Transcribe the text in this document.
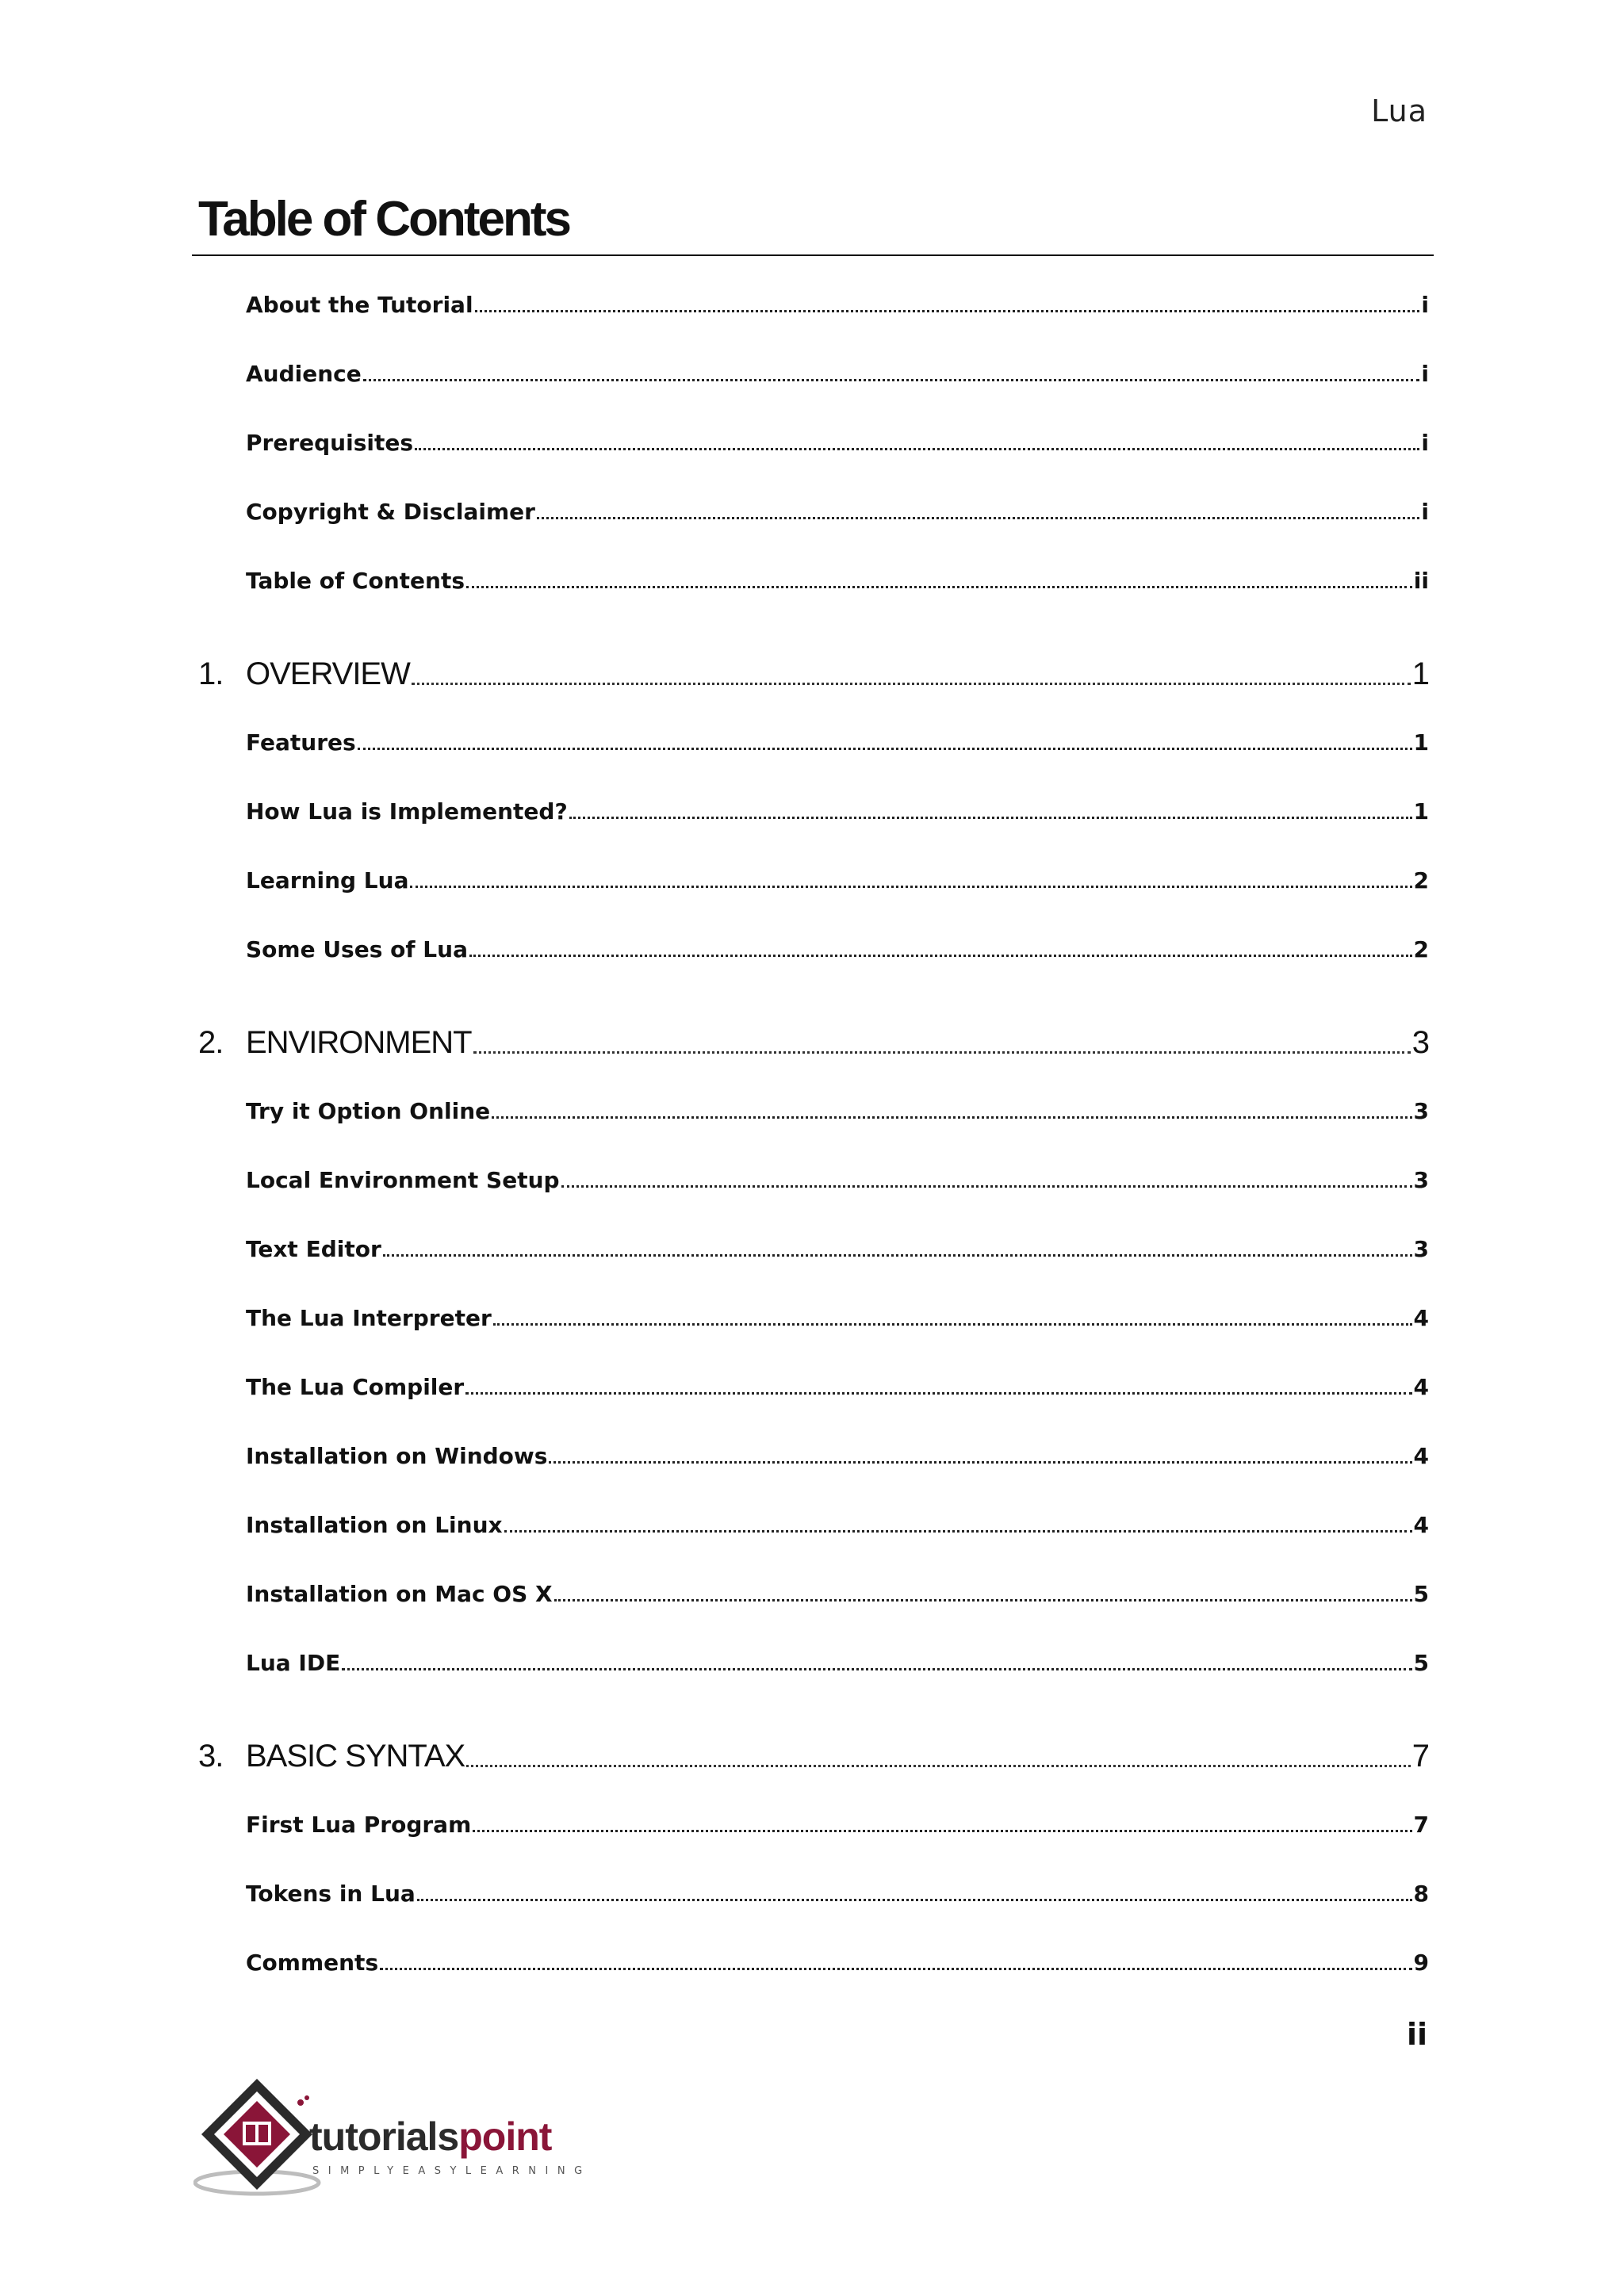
Lua
Table of Contents
About the Tutorial	i
Audience	i
Prerequisites	i
Copyright & Disclaimer	i
Table of Contents	ii
1. OVERVIEW	1
Features	1
How Lua is Implemented?	1
Learning Lua	2
Some Uses of Lua	2
2. ENVIRONMENT	3
Try it Option Online	3
Local Environment Setup	3
Text Editor	3
The Lua Interpreter	4
The Lua Compiler	4
Installation on Windows	4
Installation on Linux	4
Installation on Mac OS X	5
Lua IDE	5
3. BASIC SYNTAX	7
First Lua Program	7
Tokens in Lua	8
Comments	9
ii
tutorialspoint
SIMPLYEASYLEARNING
